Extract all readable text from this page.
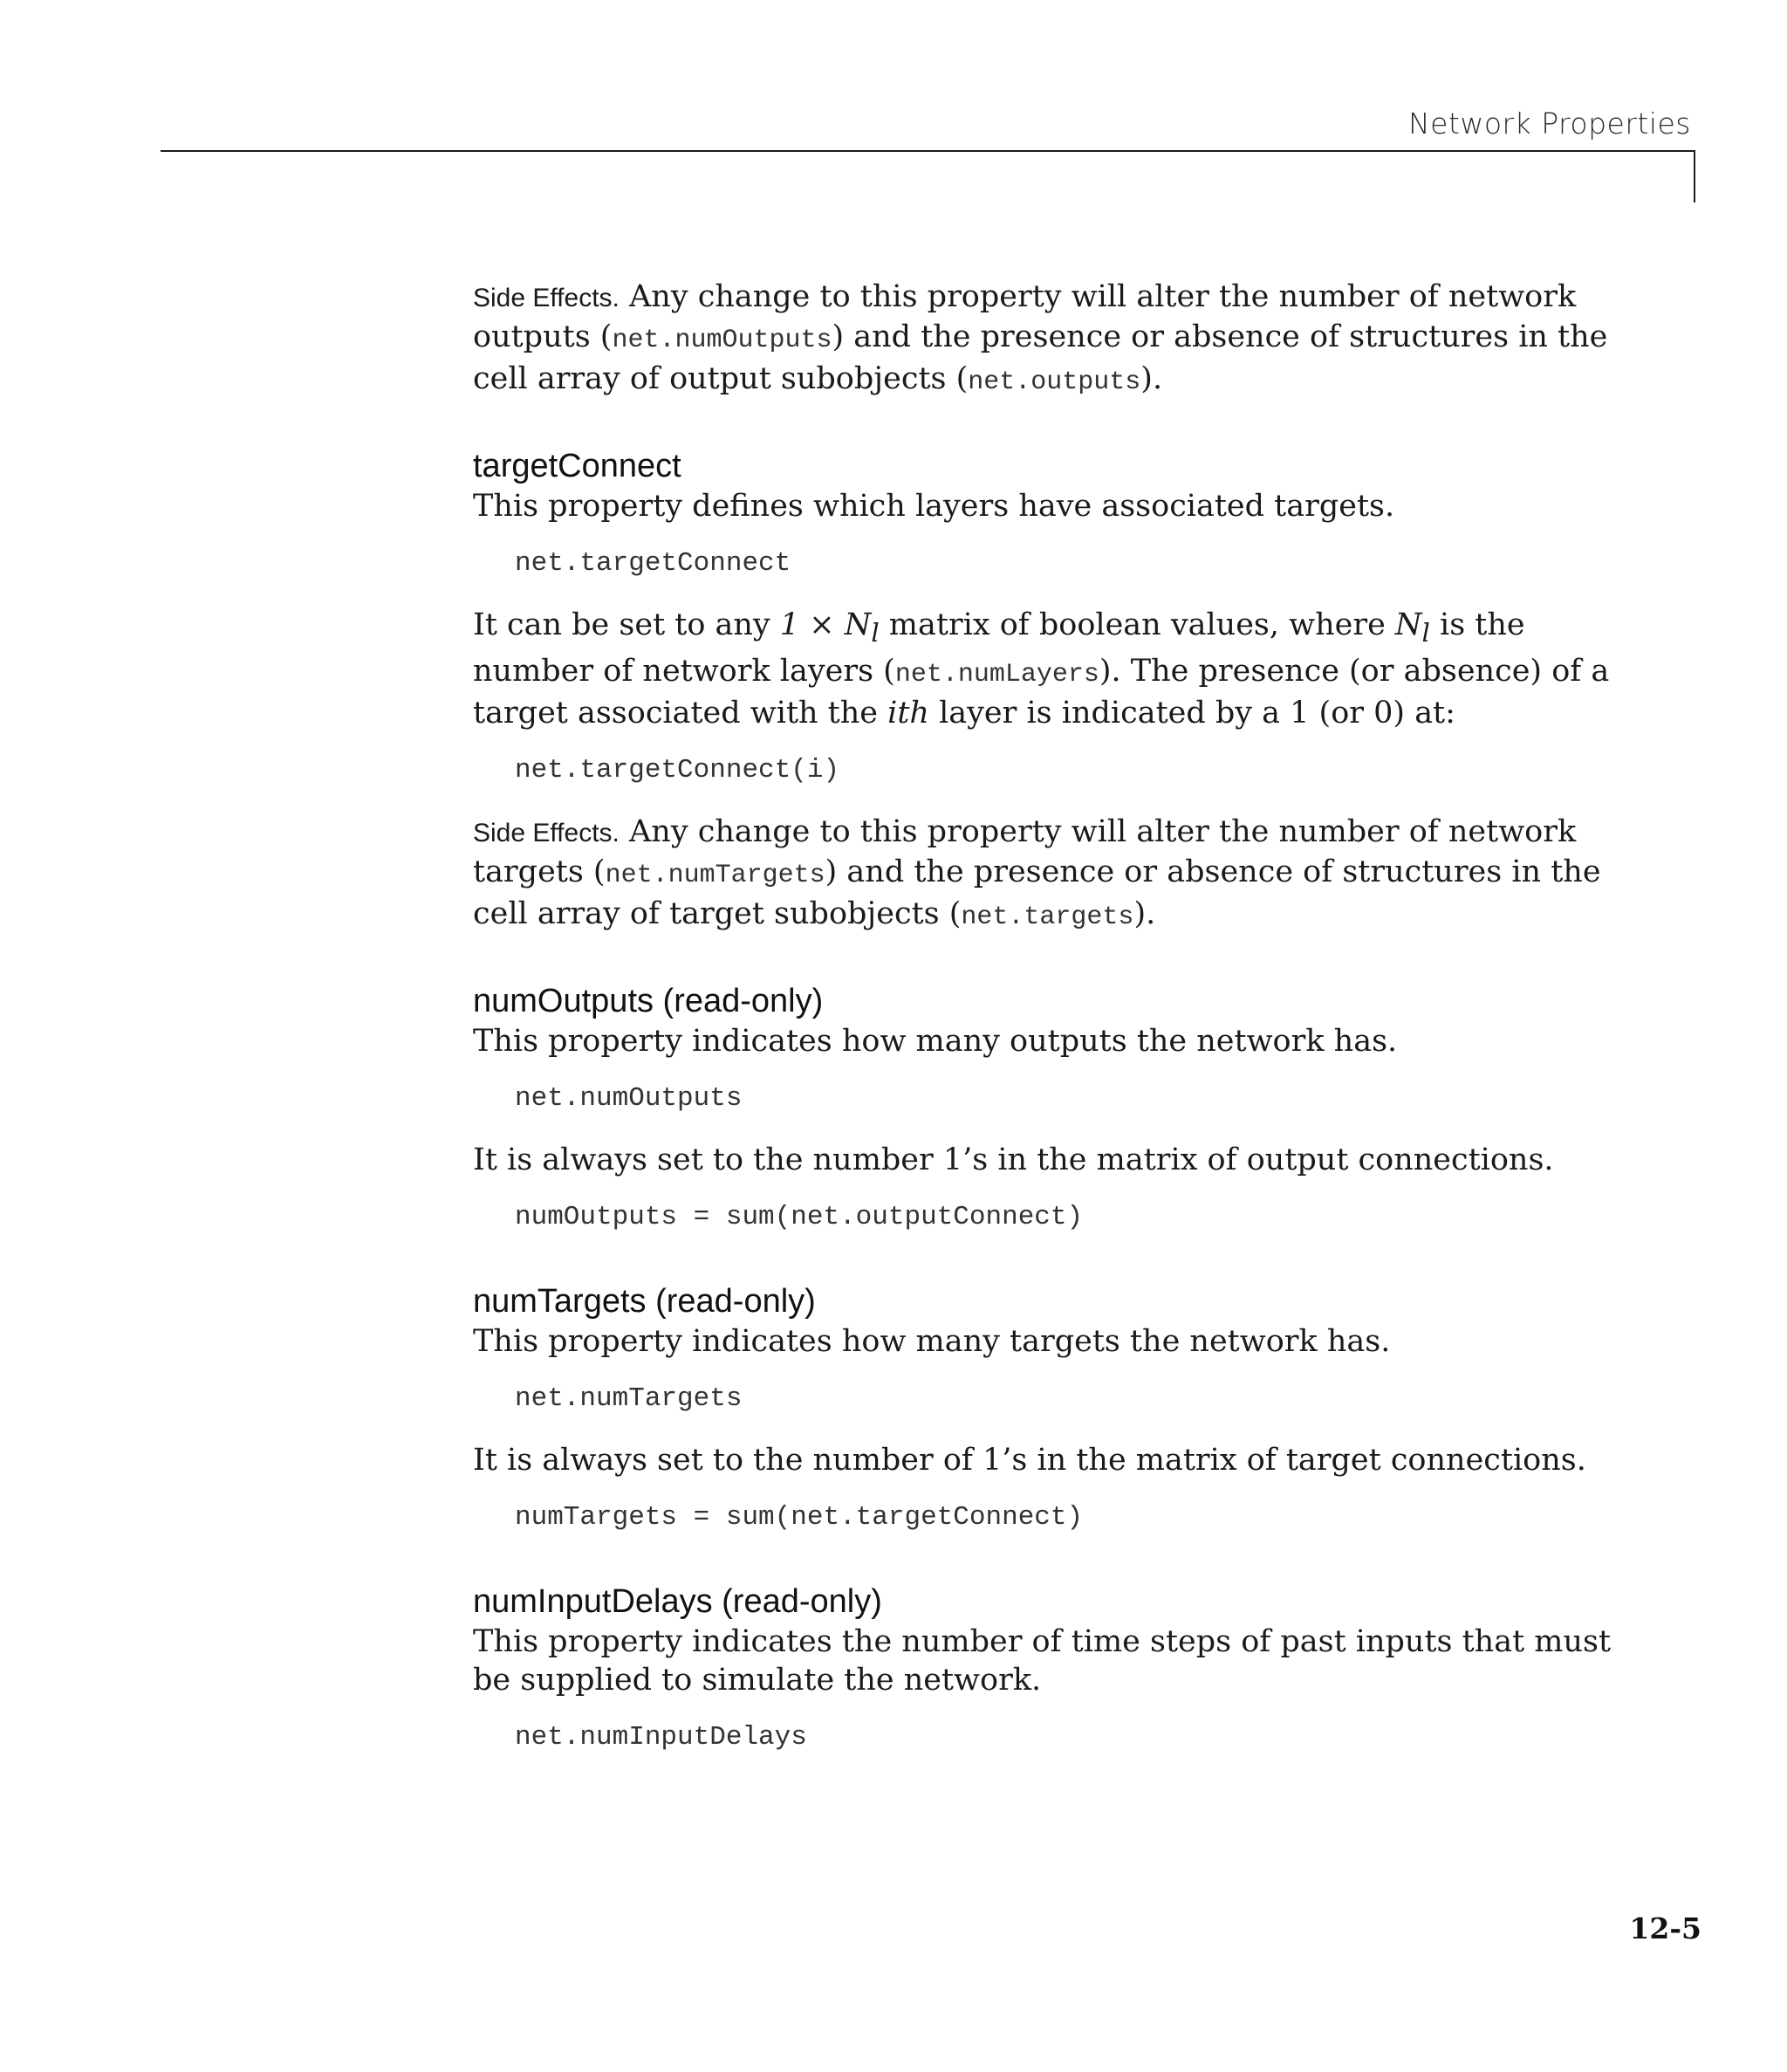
Network Properties

Side Effects. Any change to this property will alter the number of network outputs (net.numOutputs) and the presence or absence of structures in the cell array of output subobjects (net.outputs).

targetConnect

This property defines which layers have associated targets.

net.targetConnect

It can be set to any $1 \times N_l$ matrix of boolean values, where $N_l$ is the number of network layers (net.numLayers). The presence (or absence) of a target associated with the ith layer is indicated by a 1 (or 0) at:

net.targetConnect(i)

Side Effects. Any change to this property will alter the number of network targets (net.numTargets) and the presence or absence of structures in the cell array of target subobjects (net.targets).

numOutputs (read-only)

This property indicates how many outputs the network has.

net.numOutputs

It is always set to the number 1’s in the matrix of output connections.

numOutputs = sum(net.outputConnect)
numTargets (read-only)

This property indicates how many targets the network has.

net.numTargets

It is always set to the number of 1’s in the matrix of target connections.

numTargets = sum(net.targetConnect)
numInputDelays (read-only)

This property indicates the number of time steps of past inputs that must be supplied to simulate the network.

net.numInputDelays
12-5
